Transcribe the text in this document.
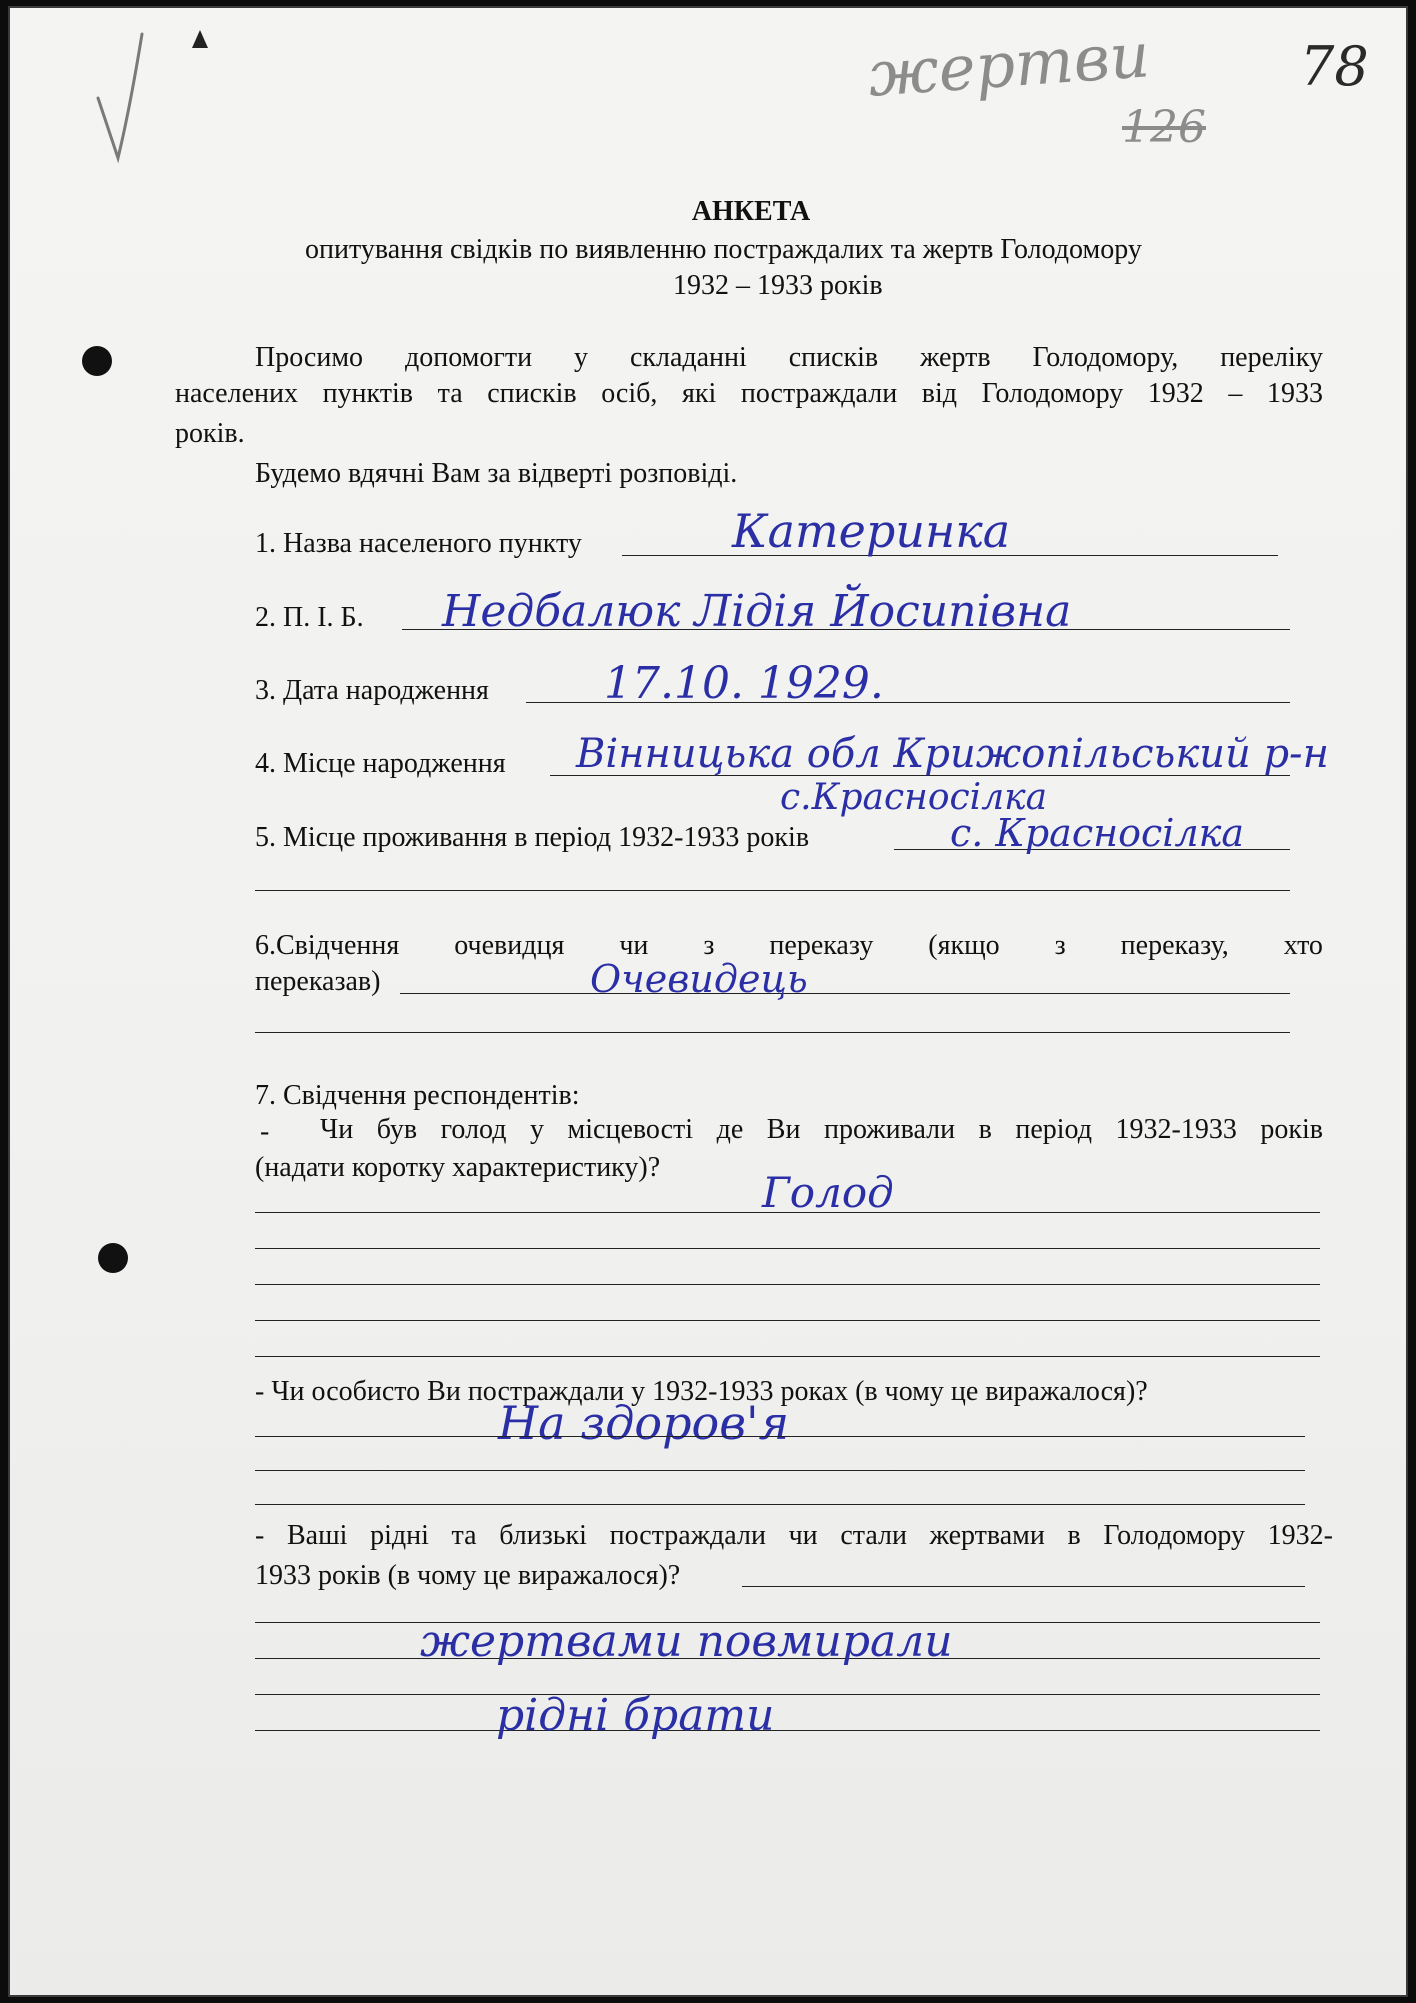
жертви	78
126
АНКЕТА
опитування свідків по виявленню постраждалих та жертв Голодомору
1932 – 1933 років
Просимо допомогти у складанні списків жертв Голодомору, переліку
населених пунктів та списків осіб, які постраждали від Голодомору 1932 – 1933
років.
Будемо вдячні Вам за відверті розповіді.
1. Назва населеного пункту	Катеринка
2. П. І. Б. Недбалюк Лідія Йосипівна
3. Дата народження	17.10. 1929.
4. Місце народження Вінницька обл Крижопільський р-н
с.Красносілка
5. Місце проживання в період 1932-1933 років	с. Красносілка
6.Свідчення очевидця чи з переказу (якщо з переказу, хто
переказав)	Очевидець
7. Свідчення респондентів:
- Чи був голод у місцевості де Ви проживали в період 1932-1933 років
(надати коротку характеристику)?
Голод
- Чи особисто Ви постраждали у 1932-1933 роках (в чому це виражалося)?
На здоров'я
- Ваші рідні та близькі постраждали чи стали жертвами в Голодомору 1932-
1933 років (в чому це виражалося)?
жертвами повмирали
рідні брати
